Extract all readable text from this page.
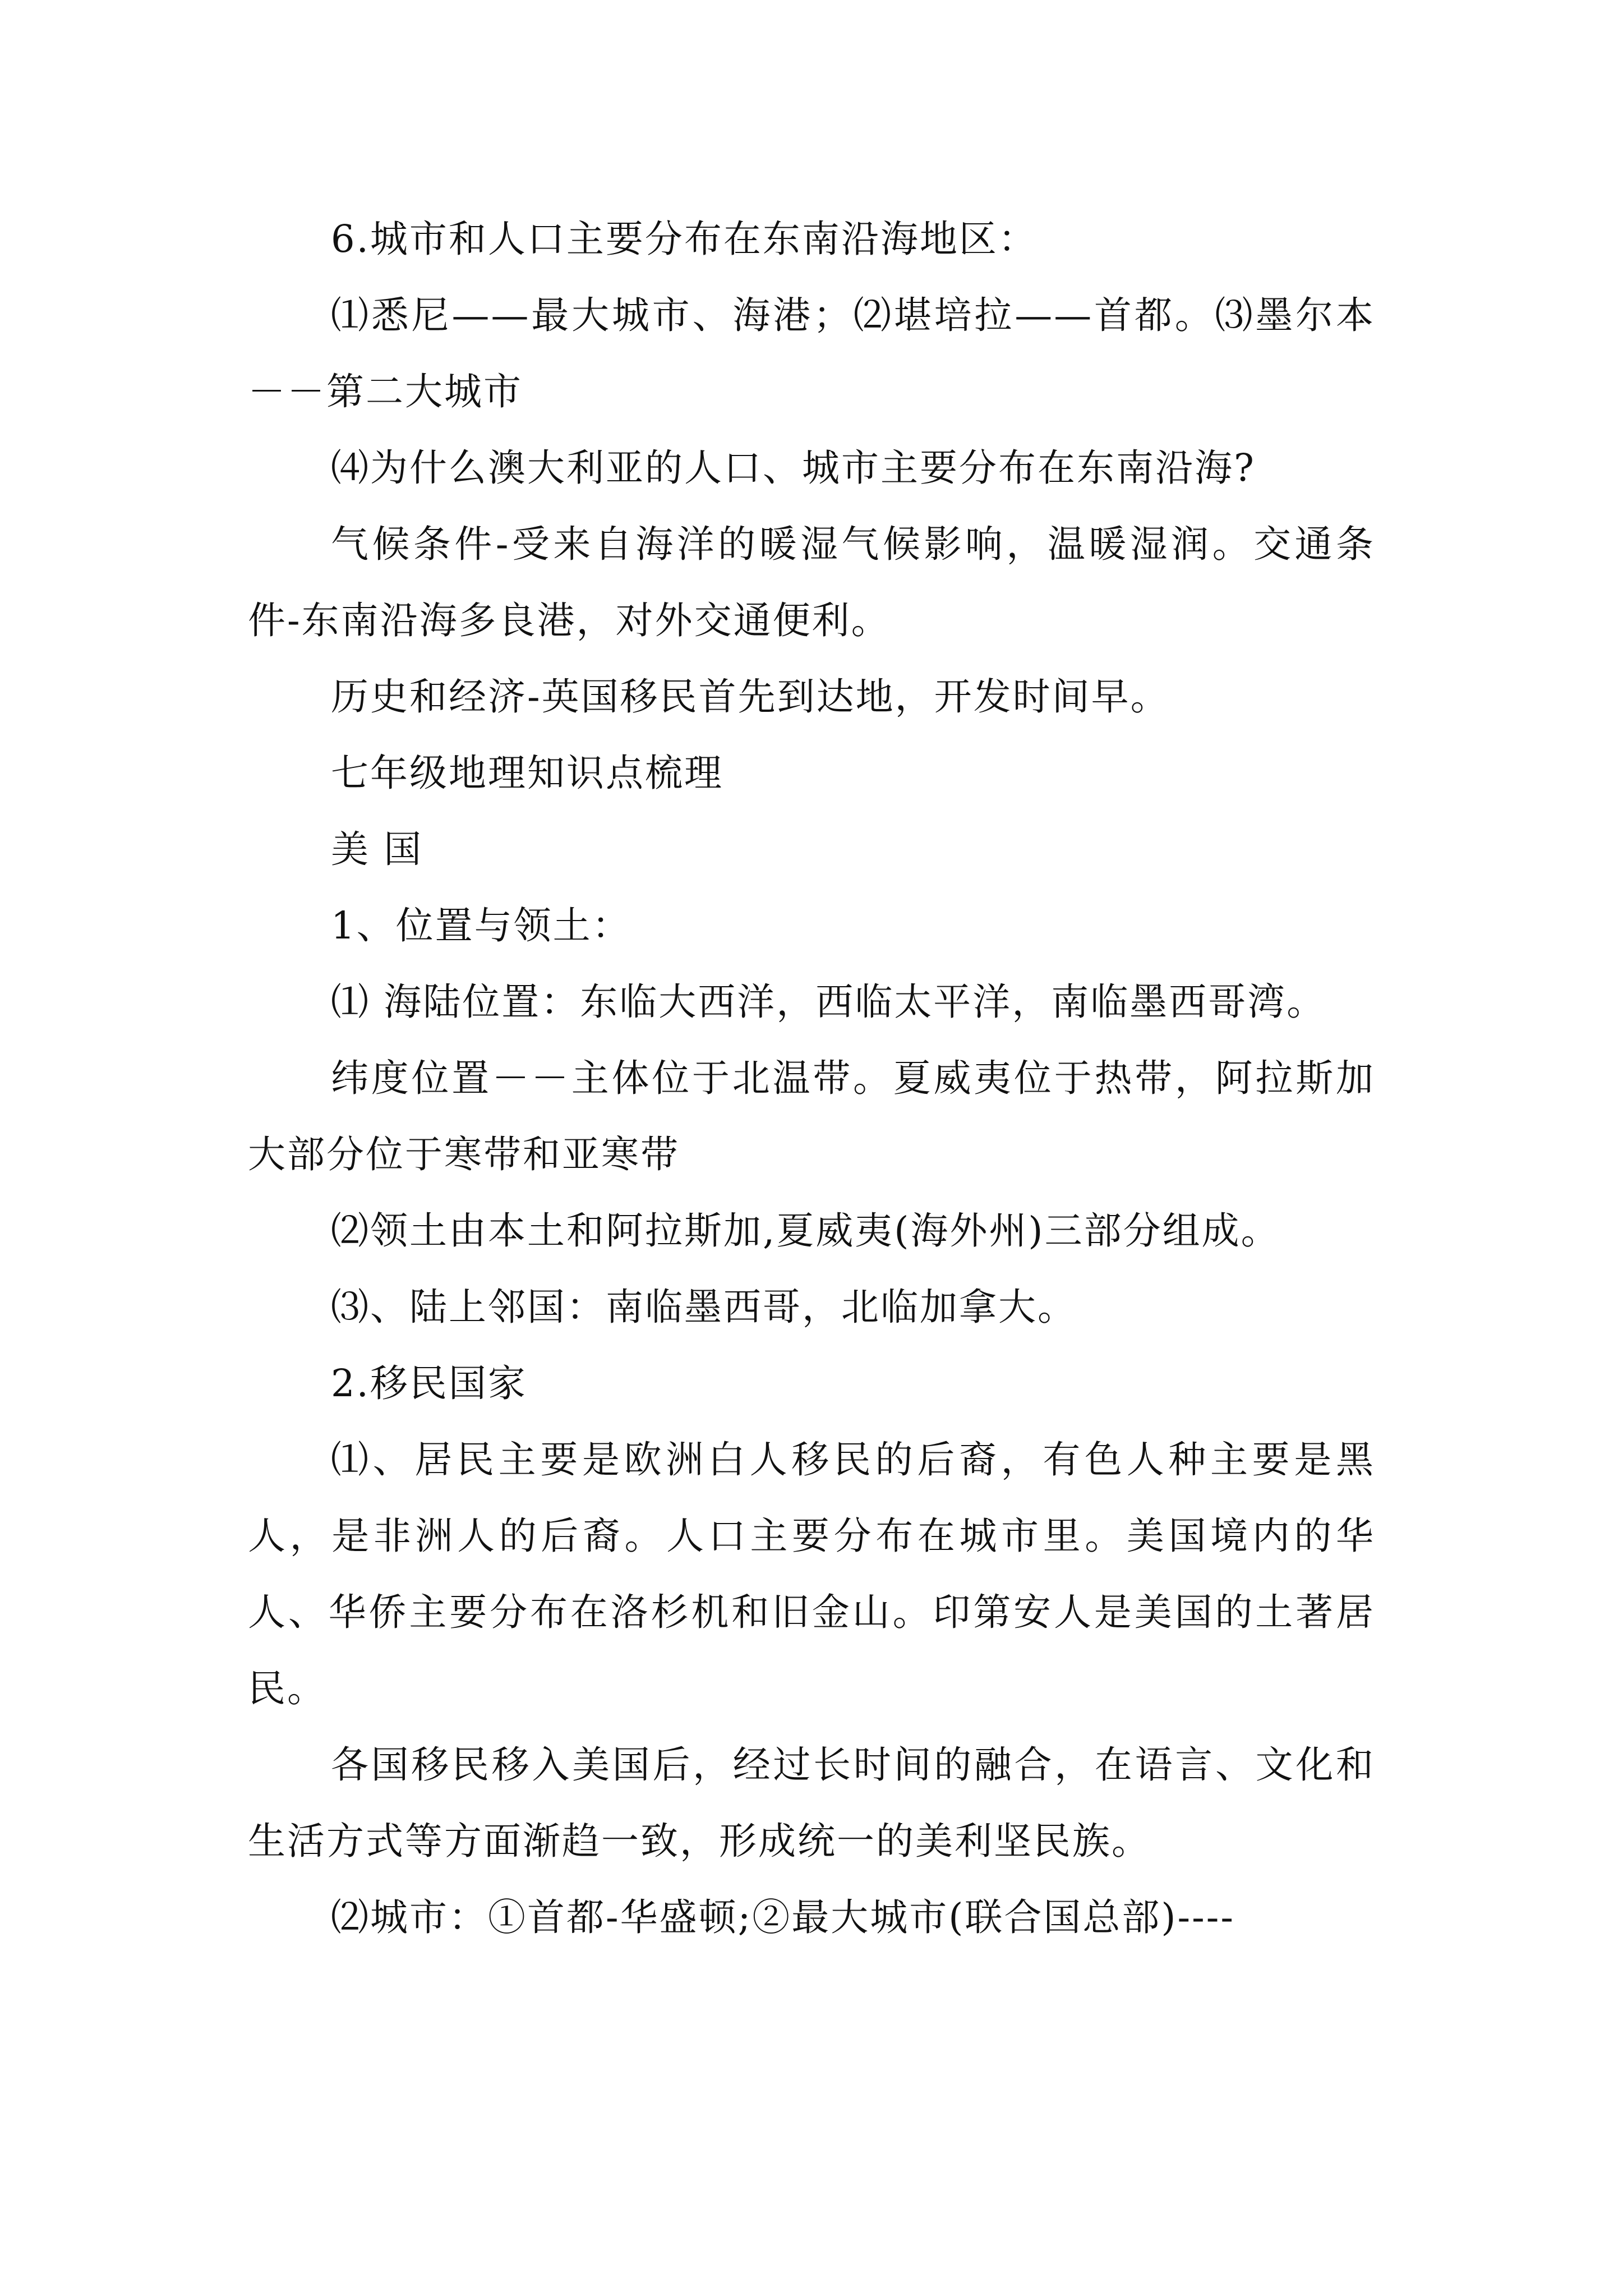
6.城市和人口主要分布在东南沿海地区：

⑴悉尼——最大城市、海港；⑵堪培拉——首都。⑶墨尔本－－第二大城市

⑷为什么澳大利亚的人口、城市主要分布在东南沿海?

气候条件-受来自海洋的暖湿气候影响，温暖湿润。交通条件-东南沿海多良港，对外交通便利。

历史和经济-英国移民首先到达地，开发时间早。

七年级地理知识点梳理

美 国

1、位置与领土：

⑴ 海陆位置：东临大西洋，西临太平洋，南临墨西哥湾。

纬度位置－－主体位于北温带。夏威夷位于热带，阿拉斯加大部分位于寒带和亚寒带

⑵领土由本土和阿拉斯加,夏威夷(海外州)三部分组成。

⑶、陆上邻国：南临墨西哥，北临加拿大。

2.移民国家

⑴、居民主要是欧洲白人移民的后裔，有色人种主要是黑人，是非洲人的后裔。人口主要分布在城市里。美国境内的华人、华侨主要分布在洛杉机和旧金山。印第安人是美国的土著居民。

各国移民移入美国后，经过长时间的融合，在语言、文化和生活方式等方面渐趋一致，形成统一的美利坚民族。

⑵城市：①首都-华盛顿;②最大城市(联合国总部)----
